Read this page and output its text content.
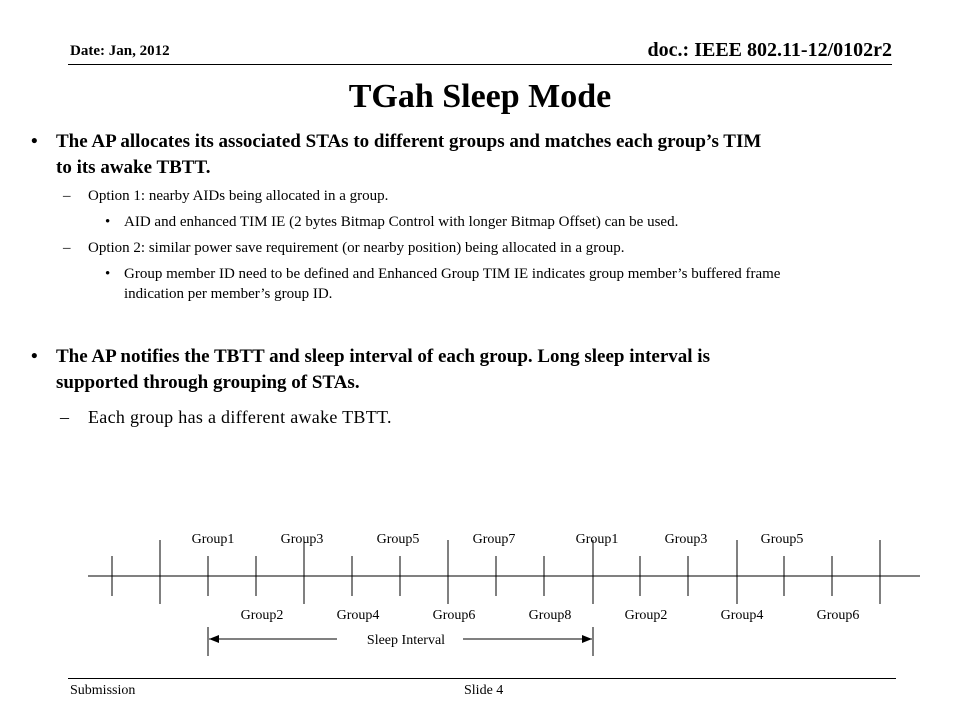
Date: Jan, 2012	doc.: IEEE 802.11-12/0102r2
TGah Sleep Mode
• The AP allocates its associated STAs to different groups and matches each group’s TIM
to its awake TBTT.
– Option 1: nearby AIDs being allocated in a group.
• AID and enhanced TIM IE (2 bytes Bitmap Control with longer Bitmap Offset) can be used.
– Option 2: similar power save requirement (or nearby position) being allocated in a group.
• Group member ID need to be defined and Enhanced Group TIM IE indicates group member’s buffered frame
indication per member’s group ID.
• The AP notifies the TBTT and sleep interval of each group. Long sleep interval is
supported through grouping of STAs.
– Each group has a different awake TBTT.
Group1	Group3	Group5	Group7	Group1	Group3	Group5
Group2	Group4	Group6	Group8	Group2	Group4	Group6
Sleep Interval
Submission	Slide 4
